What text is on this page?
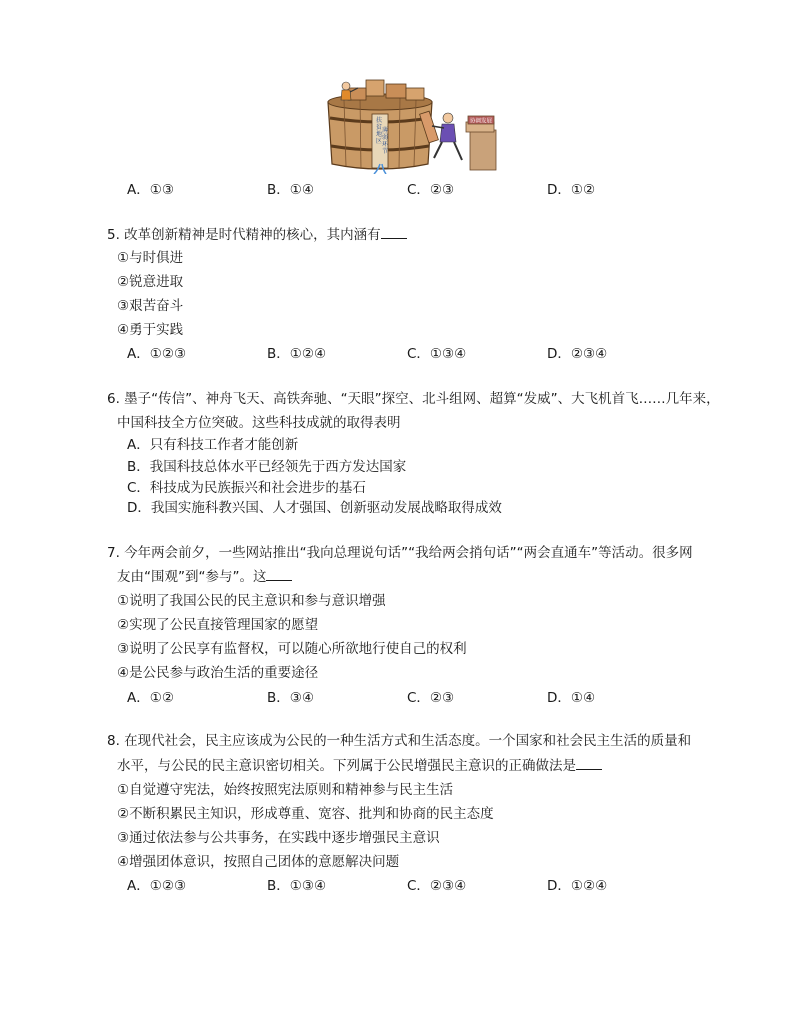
协调发展
扶
贫
地
区
薄
弱
环
节
A．①③	B．①④	C．②③	D．①②
5. 改革创新精神是时代精神的核心，其内涵有
①与时俱进
②锐意进取
③艰苦奋斗
④勇于实践
A．①②③	B．①②④	C．①③④	D．②③④
6. 墨子“传信”、神舟飞天、高铁奔驰、“天眼”探空、北斗组网、超算“发威”、大飞机首飞……几年来，
中国科技全方位突破。这些科技成就的取得表明
A．只有科技工作者才能创新
B．我国科技总体水平已经领先于西方发达国家
C．科技成为民族振兴和社会进步的基石
D．我国实施科教兴国、人才强国、创新驱动发展战略取得成效
7. 今年两会前夕，一些网站推出“我向总理说句话”“我给两会捎句话”“两会直通车”等活动。很多网
友由“围观”到“参与”。这
①说明了我国公民的民主意识和参与意识增强
②实现了公民直接管理国家的愿望
③说明了公民享有监督权，可以随心所欲地行使自己的权利
④是公民参与政治生活的重要途径
A．①②	B．③④	C．②③	D．①④
8. 在现代社会，民主应该成为公民的一种生活方式和生活态度。一个国家和社会民主生活的质量和
水平，与公民的民主意识密切相关。下列属于公民增强民主意识的正确做法是
①自觉遵守宪法，始终按照宪法原则和精神参与民主生活
②不断积累民主知识，形成尊重、宽容、批判和协商的民主态度
③通过依法参与公共事务，在实践中逐步增强民主意识
④增强团体意识，按照自己团体的意愿解决问题
A．①②③	B．①③④	C．②③④	D．①②④
